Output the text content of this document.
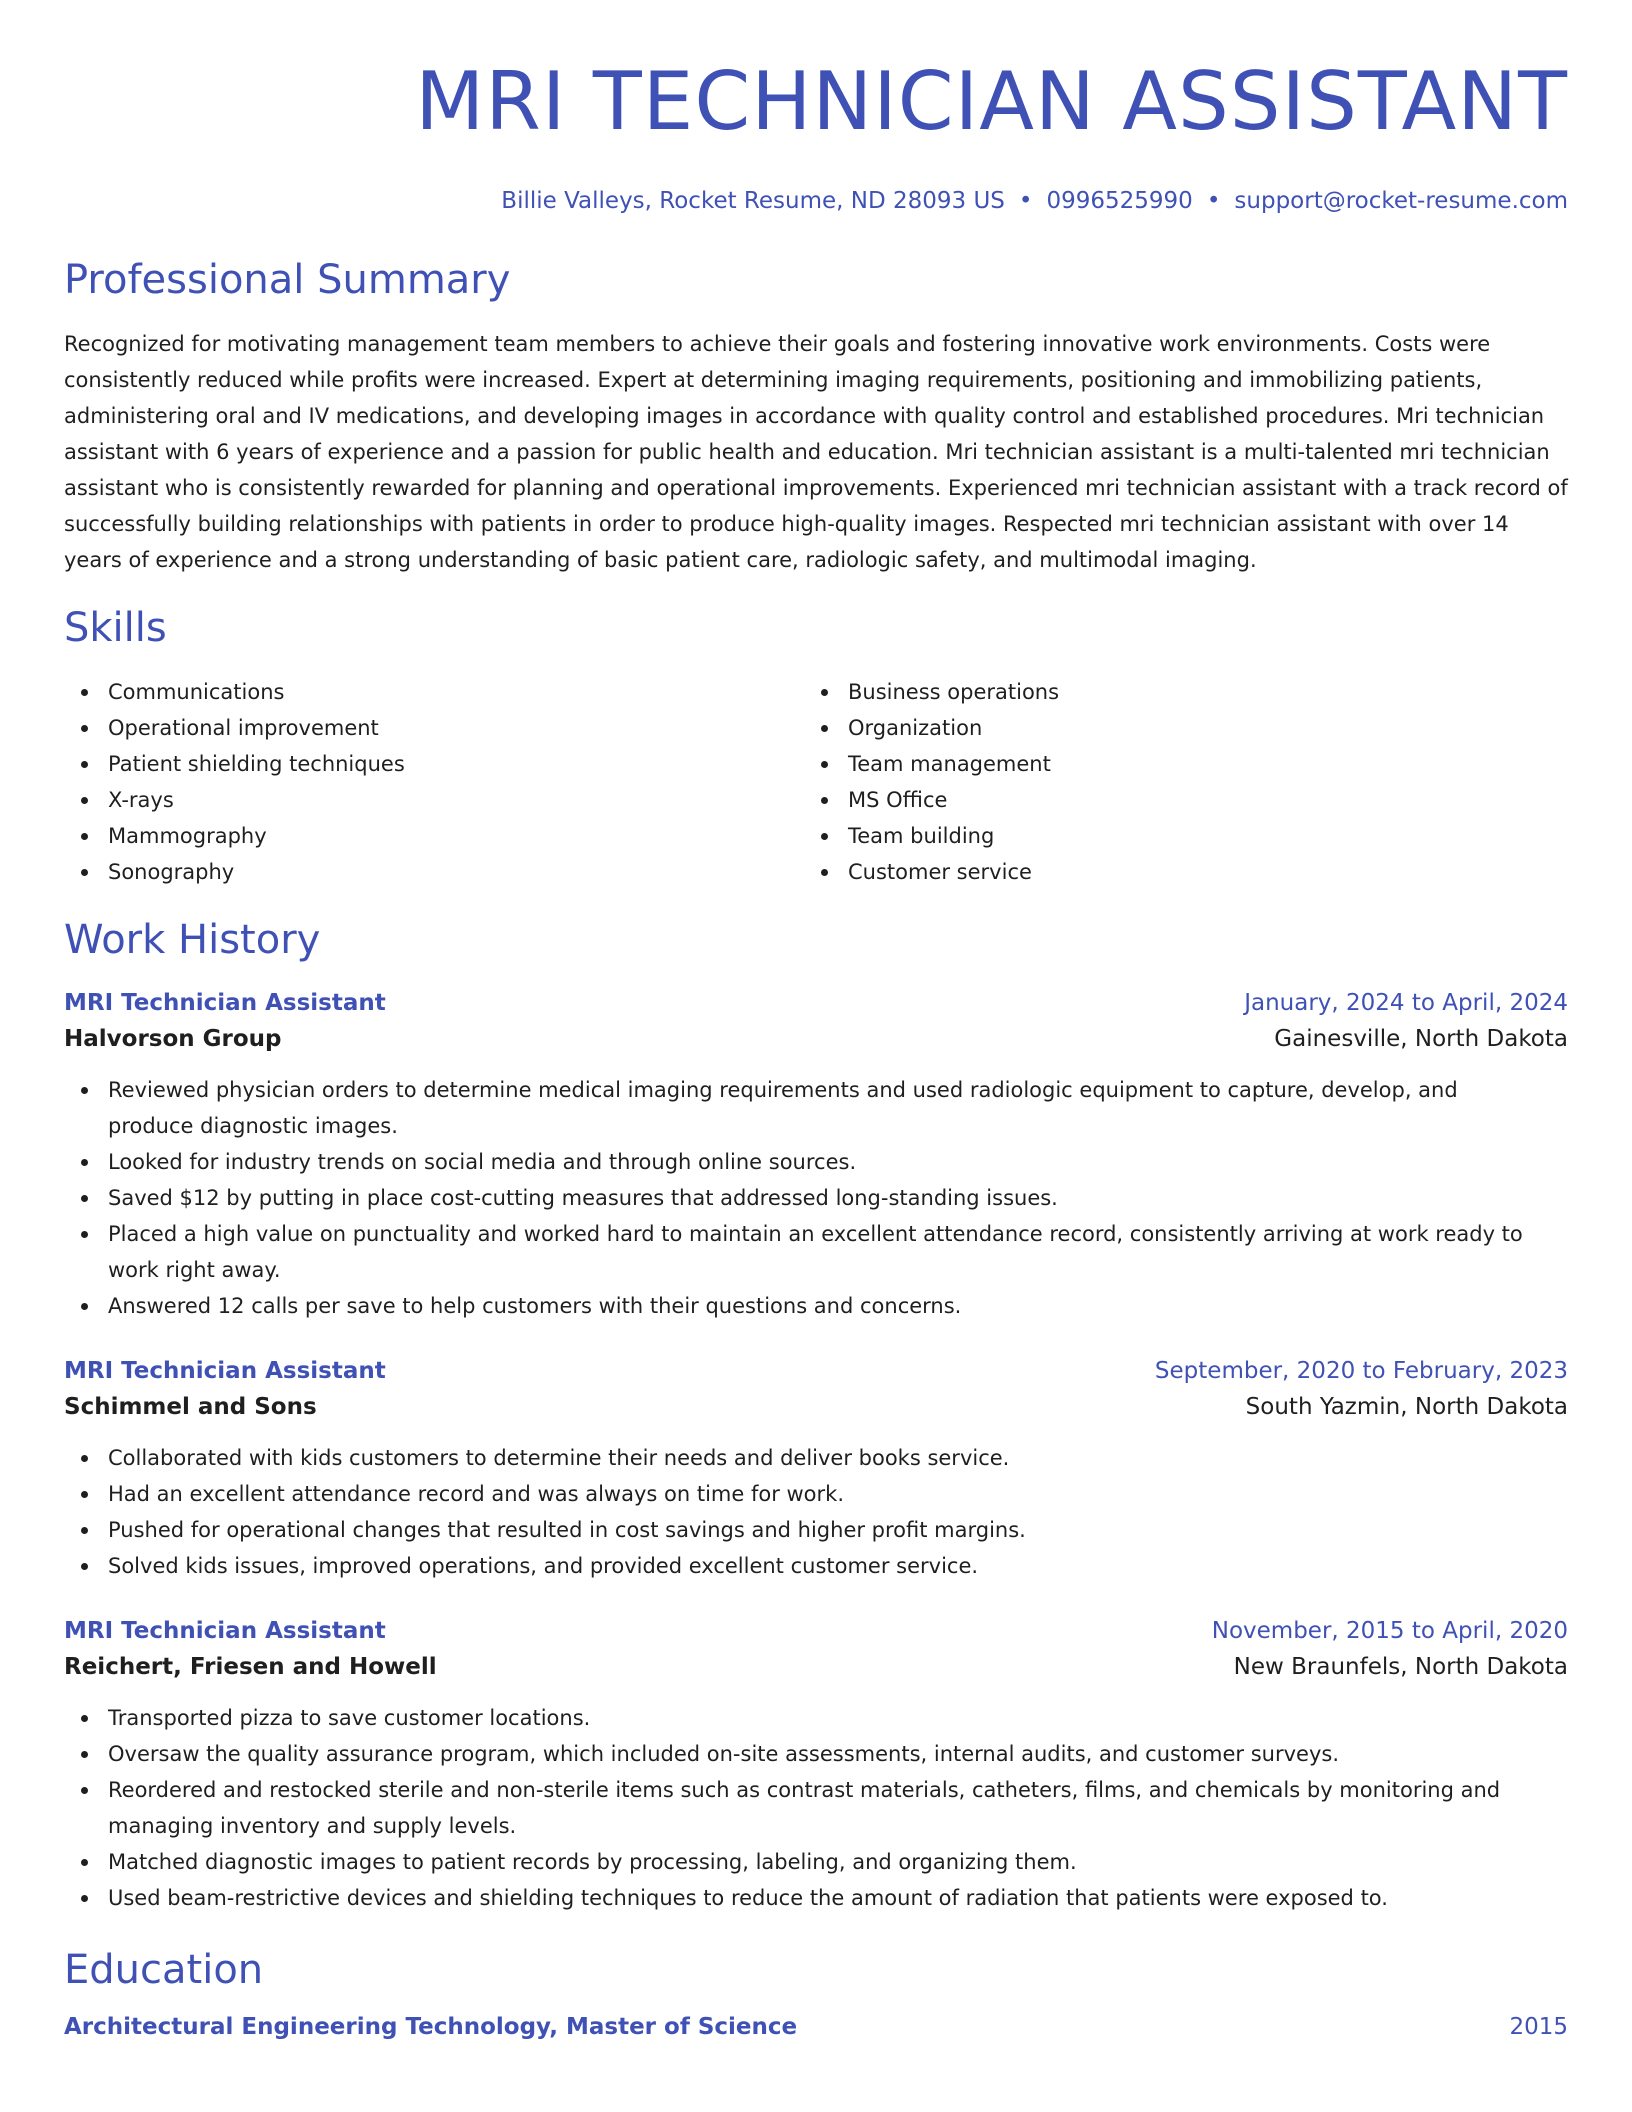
MRI TECHNICIAN ASSISTANT
Billie Valleys, Rocket Resume, ND 28093 US • 0996525990 • support@rocket-resume.com
Professional Summary
Recognized for motivating management team members to achieve their goals and fostering innovative work environments. Costs were consistently reduced while profits were increased. Expert at determining imaging requirements, positioning and immobilizing patients, administering oral and IV medications, and developing images in accordance with quality control and established procedures. Mri technician assistant with 6 years of experience and a passion for public health and education. Mri technician assistant is a multi-talented mri technician assistant who is consistently rewarded for planning and operational improvements. Experienced mri technician assistant with a track record of successfully building relationships with patients in order to produce high-quality images. Respected mri technician assistant with over 14 years of experience and a strong understanding of basic patient care, radiologic safety, and multimodal imaging.
Skills
Communications
Operational improvement
Patient shielding techniques
X-rays
Mammography
Sonography
Business operations
Organization
Team management
MS Office
Team building
Customer service
Work History
MRI Technician Assistant	January, 2024 to April, 2024
Halvorson Group	Gainesville, North Dakota
Reviewed physician orders to determine medical imaging requirements and used radiologic equipment to capture, develop, and produce diagnostic images.
Looked for industry trends on social media and through online sources.
Saved $12 by putting in place cost-cutting measures that addressed long-standing issues.
Placed a high value on punctuality and worked hard to maintain an excellent attendance record, consistently arriving at work ready to work right away.
Answered 12 calls per save to help customers with their questions and concerns.
MRI Technician Assistant	September, 2020 to February, 2023
Schimmel and Sons	South Yazmin, North Dakota
Collaborated with kids customers to determine their needs and deliver books service.
Had an excellent attendance record and was always on time for work.
Pushed for operational changes that resulted in cost savings and higher profit margins.
Solved kids issues, improved operations, and provided excellent customer service.
MRI Technician Assistant	November, 2015 to April, 2020
Reichert, Friesen and Howell	New Braunfels, North Dakota
Transported pizza to save customer locations.
Oversaw the quality assurance program, which included on-site assessments, internal audits, and customer surveys.
Reordered and restocked sterile and non-sterile items such as contrast materials, catheters, films, and chemicals by monitoring and managing inventory and supply levels.
Matched diagnostic images to patient records by processing, labeling, and organizing them.
Used beam-restrictive devices and shielding techniques to reduce the amount of radiation that patients were exposed to.
Education
Architectural Engineering Technology, Master of Science	2015
